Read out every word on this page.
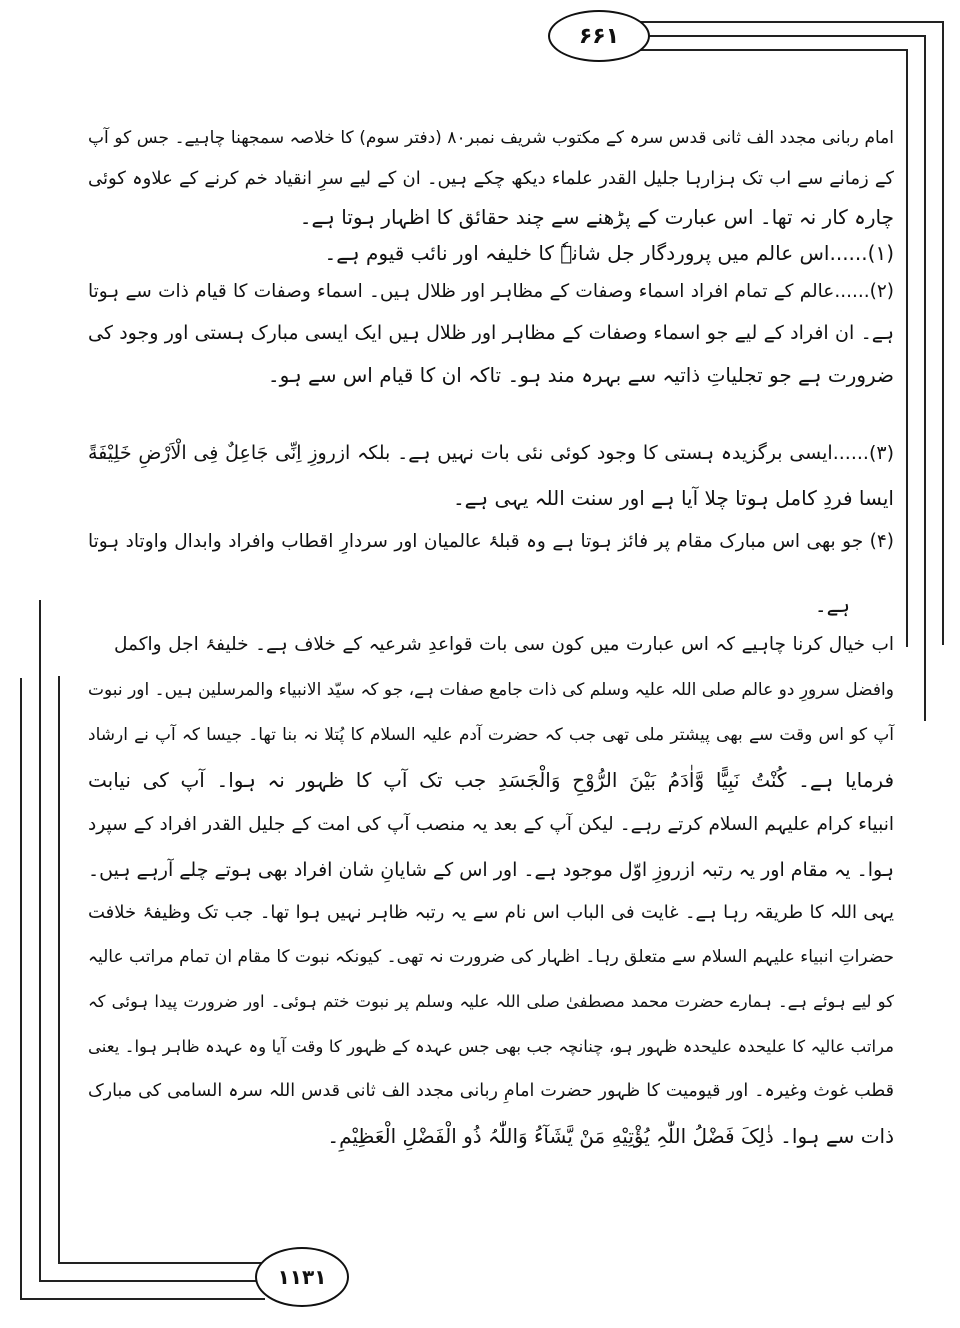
۶۶۱
۱۱۳۱
امام ربانی مجدد الف ثانی قدس سرہ کے مکتوب شریف نمبر۸۰ (دفتر سوم) کا خلاصہ سمجھنا چاہیے۔ جس کو آپ
کے زمانے سے اب تک ہزارہا جلیل القدر علماء دیکھ چکے ہیں۔ ان کے لیے سرِ انقیاد خم کرنے کے علاوہ کوئی
چارہ کار نہ تھا۔ اس عبارت کے پڑھنے سے چند حقائق کا اظہار ہوتا ہے۔
(۱)......اس عالم میں پروردگار جل شانہٗ کا خلیفہ اور نائب قیوم ہے۔
(۲)......عالم کے تمام افراد اسماء وصفات کے مظاہر اور ظلال ہیں۔ اسماء وصفات کا قیام ذات سے ہوتا
ہے۔ ان افراد کے لیے جو اسماء وصفات کے مظاہر اور ظلال ہیں ایک ایسی مبارک ہستی اور وجود کی
ضرورت ہے جو تجلیاتِ ذاتیہ سے بہرہ مند ہو۔ تاکہ ان کا قیام اس سے ہو۔
(۳)......ایسی برگزیدہ ہستی کا وجود کوئی نئی بات نہیں ہے۔ بلکہ ازروزِ اِنِّی جَاعِلٌ فِی الْاَرْضِ خَلِیْفَةً
ایسا فردِ کامل ہوتا چلا آیا ہے اور سنت اللہ یہی ہے۔
(۴) جو بھی اس مبارک مقام پر فائز ہوتا ہے وہ قبلۂ عالمیان اور سردارِ اقطاب وافراد وابدال واوتاد ہوتا
ہے۔
اب خیال کرنا چاہیے کہ اس عبارت میں کون سی بات قواعدِ شرعیہ کے خلاف ہے۔ خلیفۂ اجل واکمل
وافضل سرورِ دو عالم صلی اللہ علیہ وسلم کی ذات جامع صفات ہے، جو کہ سیّد الانبیاء والمرسلین ہیں۔ اور نبوت
آپ کو اس وقت سے بھی پیشتر ملی تھی جب کہ حضرت آدم علیہ السلام کا پُتلا نہ بنا تھا۔ جیسا کہ آپ نے ارشاد
فرمایا ہے۔ کُنْتُ نَبِیًّا وَّاٰدَمُ بَیْنَ الرُّوْحِ وَالْجَسَدِ جب تک آپ کا ظہور نہ ہوا۔ آپ کی نیابت
انبیاء کرام علیہم السلام کرتے رہے۔ لیکن آپ کے بعد یہ منصب آپ کی امت کے جلیل القدر افراد کے سپرد
ہوا۔ یہ مقام اور یہ رتبہ ازروزِ اوّل موجود ہے۔ اور اس کے شایانِ شان افراد بھی ہوتے چلے آرہے ہیں۔
یہی اللہ کا طریقہ رہا ہے۔ غایت فی الباب اس نام سے یہ رتبہ ظاہر نہیں ہوا تھا۔ جب تک وظیفۂ خلافت
حضراتِ انبیاء علیہم السلام سے متعلق رہا۔ اظہار کی ضرورت نہ تھی۔ کیونکہ نبوت کا مقام ان تمام مراتب عالیہ
کو لیے ہوئے ہے۔ ہمارے حضرت محمد مصطفیٰ صلی اللہ علیہ وسلم پر نبوت ختم ہوئی۔ اور ضرورت پیدا ہوئی کہ
مراتب عالیہ کا علیحدہ علیحدہ ظہور ہو، چنانچہ جب بھی جس عہدہ کے ظہور کا وقت آیا وہ عہدہ ظاہر ہوا۔ یعنی
قطب غوث وغیرہ۔ اور قیومیت کا ظہور حضرت امامِ ربانی مجدد الف ثانی قدس اللہ سرہ السامی کی مبارک
ذات سے ہوا۔ ذٰلِکَ فَضْلُ اللّٰہِ یُؤْتِیْهِ مَنْ یَّشَآءُ وَاللّٰہُ ذُو الْفَضْلِ الْعَظِیْمِ۔
